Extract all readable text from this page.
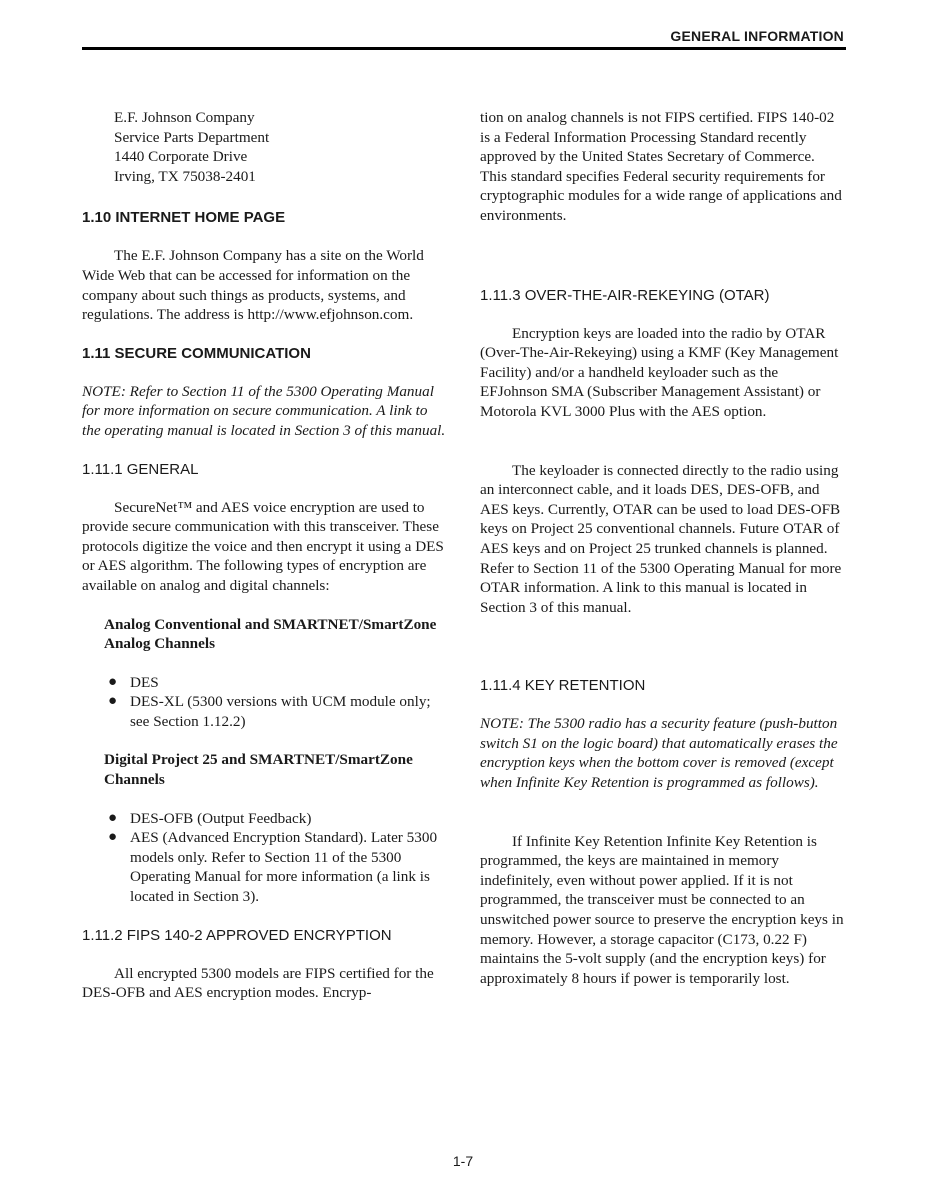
GENERAL INFORMATION
E.F. Johnson Company
Service Parts Department
1440 Corporate Drive
Irving, TX 75038-2401
1.10 INTERNET HOME PAGE

The E.F. Johnson Company has a site on the World Wide Web that can be accessed for information on the company about such things as products, systems, and regulations. The address is http://www.efjohnson.com.

1.11 SECURE COMMUNICATION

NOTE: Refer to Section 11 of the 5300 Operating Manual for more information on secure communication. A link to the operating manual is located in Section 3 of this manual.

1.11.1 GENERAL

SecureNet™ and AES voice encryption are used to provide secure communication with this transceiver. These protocols digitize the voice and then encrypt it using a DES or AES algorithm. The following types of encryption are available on analog and digital channels:

Analog Conventional and SMARTNET/SmartZone Analog Channels

● DES
● DES-XL (5300 versions with UCM module only; see Section 1.12.2)

Digital Project 25 and SMARTNET/SmartZone Channels

● DES-OFB (Output Feedback)
● AES (Advanced Encryption Standard). Later 5300 models only. Refer to Section 11 of the 5300 Operating Manual for more information (a link is located in Section 3).
1.11.2 FIPS 140-2 APPROVED ENCRYPTION

All encrypted 5300 models are FIPS certified for the DES-OFB and AES encryption modes. Encryp-

tion on analog channels is not FIPS certified. FIPS 140-02 is a Federal Information Processing Standard recently approved by the United States Secretary of Commerce. This standard specifies Federal security requirements for cryptographic modules for a wide range of applications and environments.

1.11.3 OVER-THE-AIR-REKEYING (OTAR)

Encryption keys are loaded into the radio by OTAR (Over-The-Air-Rekeying) using a KMF (Key Management Facility) and/or a handheld keyloader such as the EFJohnson SMA (Subscriber Management Assistant) or Motorola KVL 3000 Plus with the AES option.

The keyloader is connected directly to the radio using an interconnect cable, and it loads DES, DES-OFB, and AES keys. Currently, OTAR can be used to load DES-OFB keys on Project 25 conventional channels. Future OTAR of AES keys and on Project 25 trunked channels is planned. Refer to Section 11 of the 5300 Operating Manual for more OTAR information. A link to this manual is located in Section 3 of this manual.

1.11.4 KEY RETENTION

NOTE: The 5300 radio has a security feature (push-button switch S1 on the logic board) that automatically erases the encryption keys when the bottom cover is removed (except when Infinite Key Retention is programmed as follows).

If Infinite Key Retention Infinite Key Retention is programmed, the keys are maintained in memory indefinitely, even without power applied. If it is not programmed, the transceiver must be connected to an unswitched power source to preserve the encryption keys in memory. However, a storage capacitor (C173, 0.22 F) maintains the 5-volt supply (and the encryption keys) for approximately 8 hours if power is temporarily lost.

1-7
